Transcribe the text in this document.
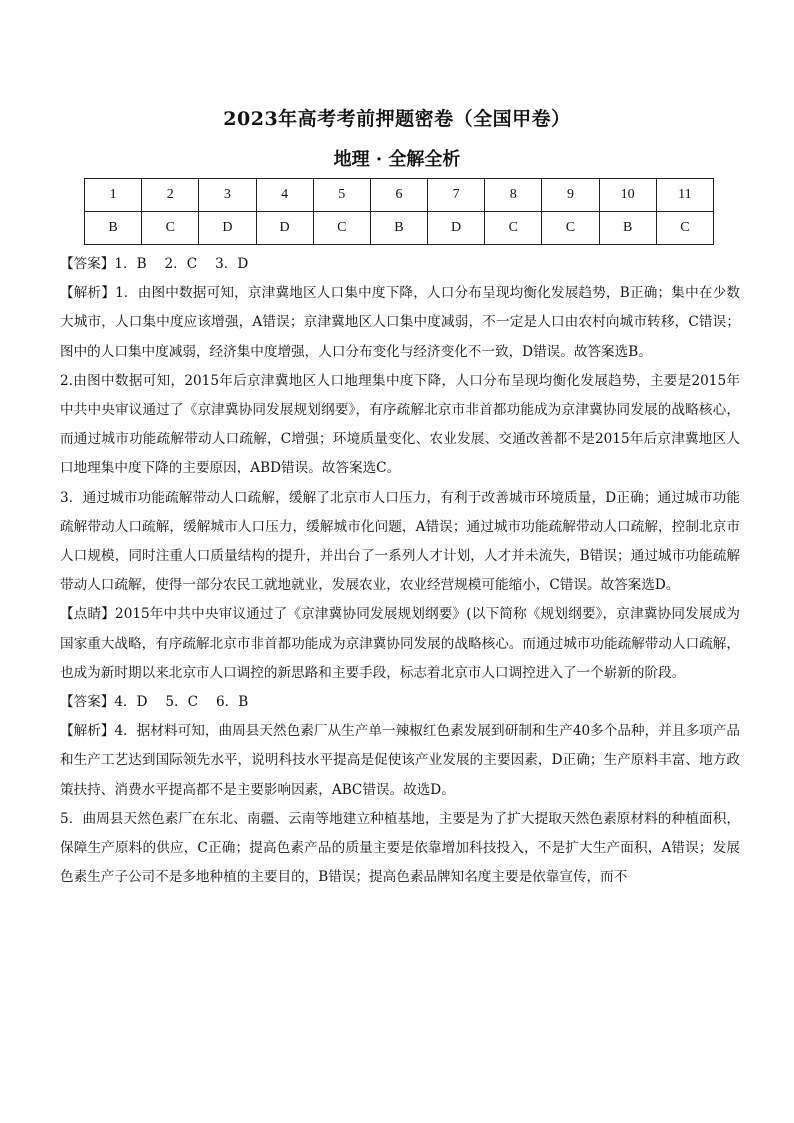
2023年高考考前押题密卷（全国甲卷）
地理 · 全解全析
1	2	3	4	5	6	7	8	9	10	11
B	C	D	D	C	B	D	C	C	B	C

【答案】1．B　 2．C　 3．D

【解析】1．由图中数据可知，京津冀地区人口集中度下降，人口分布呈现均衡化发展趋势，B正确；集中在少数大城市，人口集中度应该增强，A错误；京津冀地区人口集中度减弱，不一定是人口由农村向城市转移，C错误；图中的人口集中度减弱，经济集中度增强，人口分布变化与经济变化不一致，D错误。故答案选B。

2.由图中数据可知，2015年后京津冀地区人口地理集中度下降，人口分布呈现均衡化发展趋势，主要是2015年中共中央审议通过了《京津冀协同发展规划纲要》，有序疏解北京市非首都功能成为京津冀协同发展的战略核心，而通过城市功能疏解带动人口疏解，C增强；环境质量变化、农业发展、交通改善都不是2015年后京津冀地区人口地理集中度下降的主要原因，ABD错误。故答案选C。

3．通过城市功能疏解带动人口疏解，缓解了北京市人口压力，有利于改善城市环境质量，D正确；通过城市功能疏解带动人口疏解，缓解城市人口压力，缓解城市化问题，A错误；通过城市功能疏解带动人口疏解，控制北京市人口规模，同时注重人口质量结构的提升，并出台了一系列人才计划，人才并未流失，B错误；通过城市功能疏解带动人口疏解，使得一部分农民工就地就业，发展农业，农业经营规模可能缩小，C错误。故答案选D。

【点睛】2015年中共中央审议通过了《京津冀协同发展规划纲要》(以下简称《规划纲要》，京津冀协同发展成为国家重大战略，有序疏解北京市非首都功能成为京津冀协同发展的战略核心。而通过城市功能疏解带动人口疏解，也成为新时期以来北京市人口调控的新思路和主要手段，标志着北京市人口调控进入了一个崭新的阶段。

【答案】4．D　 5．C　 6．B

【解析】4．据材料可知，曲周县天然色素厂从生产单一辣椒红色素发展到研制和生产40多个品种，并且多项产品和生产工艺达到国际领先水平，说明科技水平提高是促使该产业发展的主要因素，D正确；生产原料丰富、地方政策扶持、消费水平提高都不是主要影响因素，ABC错误。故选D。

5．曲周县天然色素厂在东北、南疆、云南等地建立种植基地，主要是为了扩大提取天然色素原材料的种植面积，保障生产原料的供应，C正确；提高色素产品的质量主要是依靠增加科技投入，不是扩大生产面积，A错误；发展色素生产子公司不是多地种植的主要目的，B错误；提高色素品牌知名度主要是依靠宣传，而不
